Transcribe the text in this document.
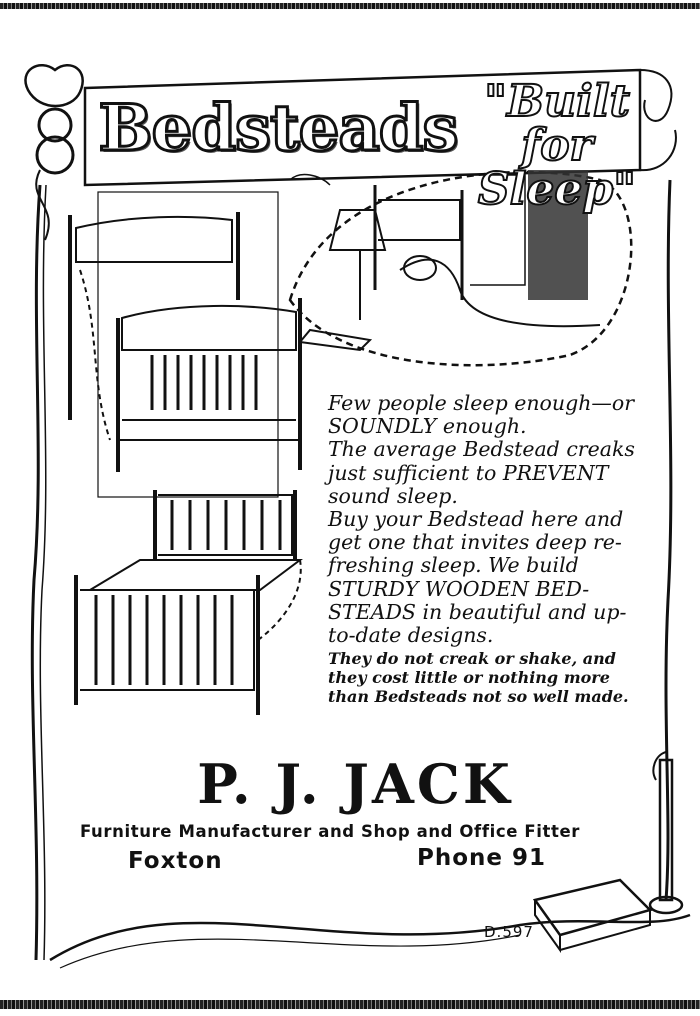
Bedsteads "Built for
Sleep"

Few people sleep enough—or SOUNDLY enough.

The average Bedstead creaks just sufficient to PREVENT sound sleep.

Buy your Bedstead here and get one that invites deep re-freshing sleep. We build STURDY WOODEN BED-STEADS in beautiful and up-to-date designs.

They do not creak or shake, and they cost little or nothing more than Bedsteads not so well made.

P. J. JACK
Furniture Manufacturer and Shop and Office Fitter
Foxton	Phone 91
D.597
